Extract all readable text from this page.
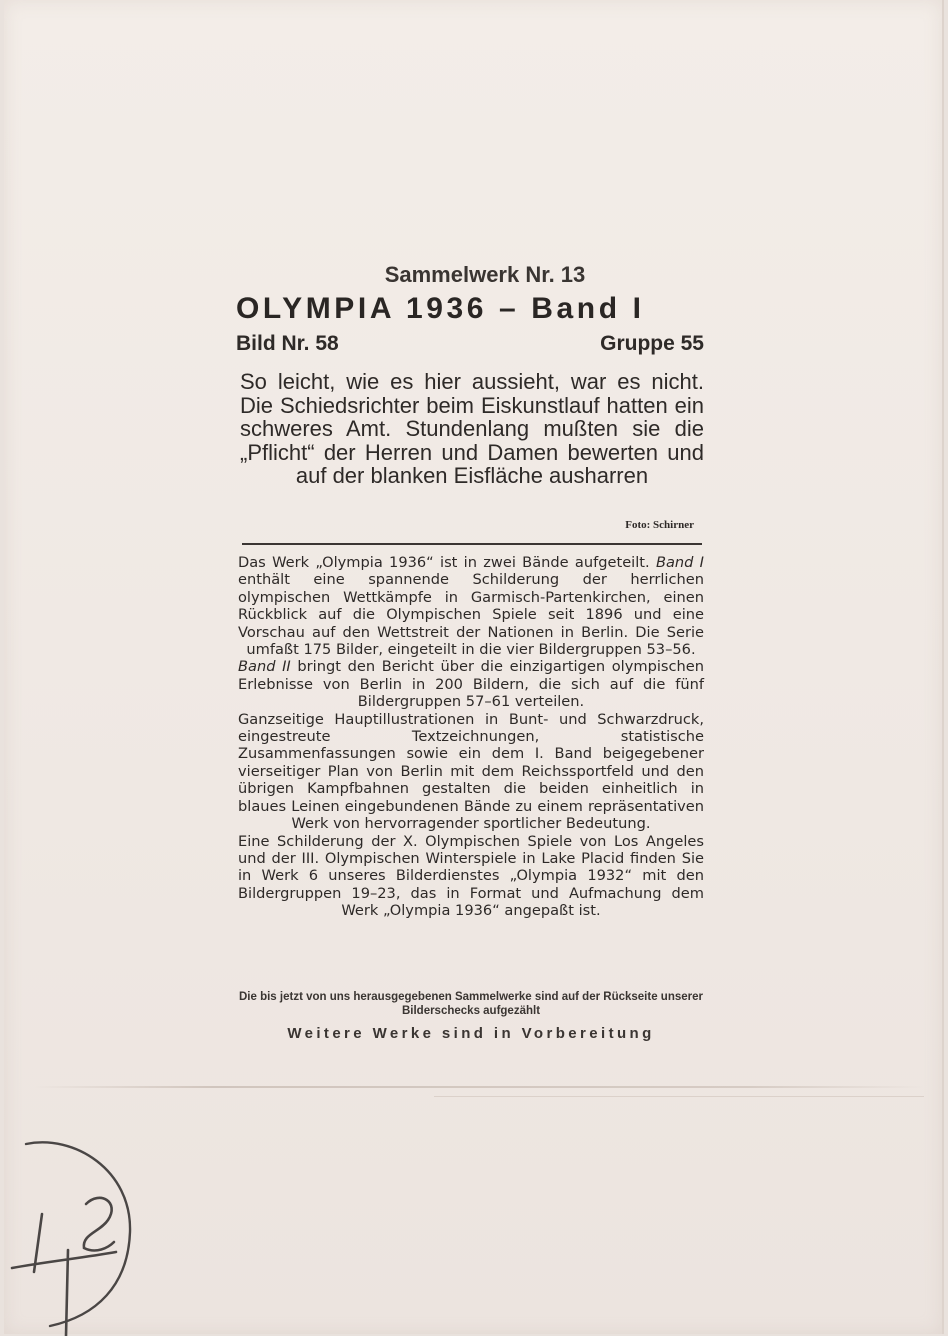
Sammelwerk Nr. 13
OLYMPIA 1936 – Band I
Bild Nr. 58	Gruppe 55
So leicht, wie es hier aussieht, war es nicht. Die Schiedsrichter beim Eiskunstlauf hatten ein schweres Amt. Stundenlang mußten sie die „Pflicht“ der Herren und Damen bewerten und auf der blanken Eisfläche ausharren
Foto: Schirner

Das Werk „Olympia 1936“ ist in zwei Bände aufgeteilt. Band I enthält eine spannende Schilderung der herrlichen olympischen Wettkämpfe in Garmisch-Partenkirchen, einen Rückblick auf die Olympischen Spiele seit 1896 und eine Vorschau auf den Wettstreit der Nationen in Berlin. Die Serie umfaßt 175 Bilder, eingeteilt in die vier Bildergruppen 53–56.

Band II bringt den Bericht über die einzigartigen olympischen Erlebnisse von Berlin in 200 Bildern, die sich auf die fünf Bildergruppen 57–61 verteilen.

Ganzseitige Hauptillustrationen in Bunt- und Schwarzdruck, eingestreute Textzeichnungen, statistische Zusammenfassungen sowie ein dem I. Band beigegebener vierseitiger Plan von Berlin mit dem Reichssportfeld und den übrigen Kampfbahnen gestalten die beiden einheitlich in blaues Leinen eingebundenen Bände zu einem repräsentativen Werk von hervorragender sportlicher Bedeutung.

Eine Schilderung der X. Olympischen Spiele von Los Angeles und der III. Olympischen Winterspiele in Lake Placid finden Sie in Werk 6 unseres Bilderdienstes „Olympia 1932“ mit den Bildergruppen 19–23, das in Format und Aufmachung dem Werk „Olympia 1936“ angepaßt ist.

Die bis jetzt von uns herausgegebenen Sammelwerke sind auf der Rückseite unserer Bilderschecks aufgezählt
Weitere Werke sind in Vorbereitung
